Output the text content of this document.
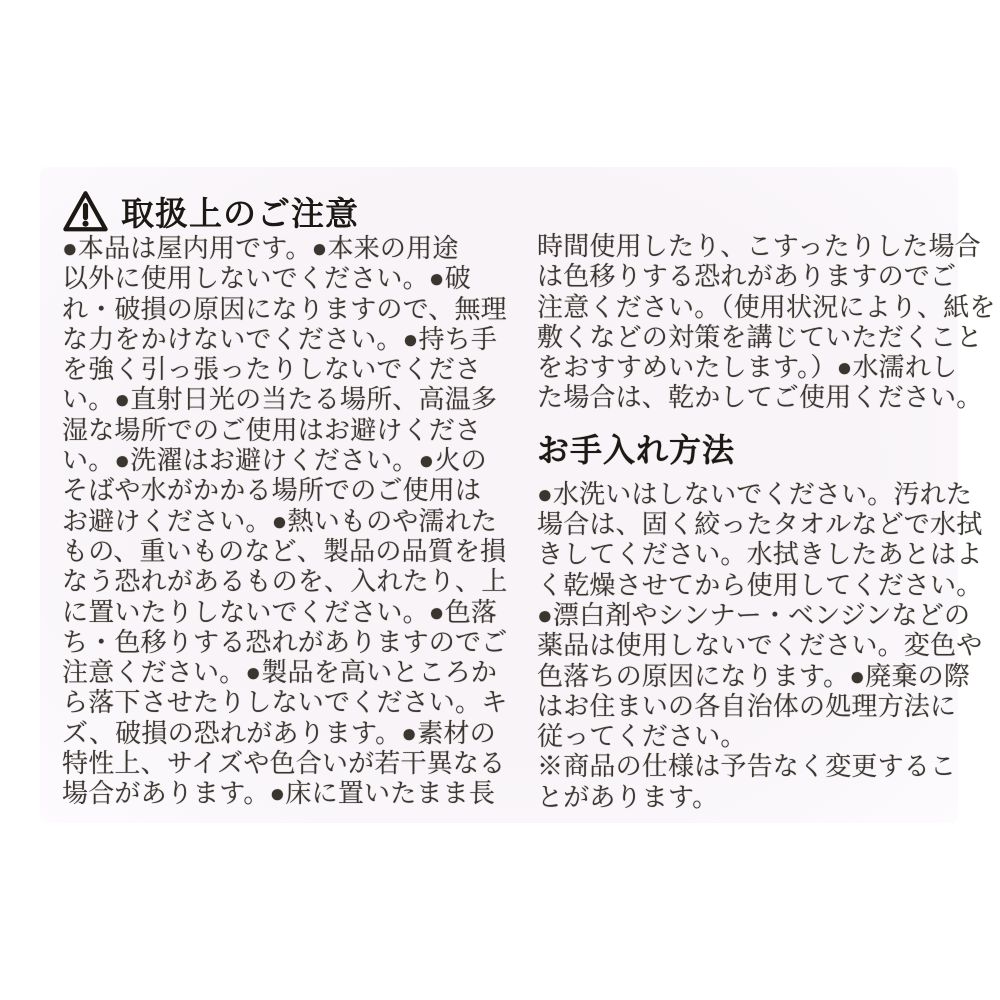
取扱上のご注意
●本品は屋内用です。●本来の用途
以外に使用しないでください。●破
れ・破損の原因になりますので、無理
な力をかけないでください。●持ち手
を強く引っ張ったりしないでくださ
い。●直射日光の当たる場所、高温多
湿な場所でのご使用はお避けくださ
い。●洗濯はお避けください。●火の
そばや水がかかる場所でのご使用は
お避けください。●熱いものや濡れた
もの、重いものなど、製品の品質を損
なう恐れがあるものを、入れたり、上
に置いたりしないでください。●色落
ち・色移りする恐れがありますのでご
注意ください。●製品を高いところか
ら落下させたりしないでください。キ
ズ、破損の恐れがあります。●素材の
特性上、サイズや色合いが若干異なる
場合があります。●床に置いたまま長
時間使用したり、こすったりした場合
は色移りする恐れがありますのでご
注意ください。（使用状況により、紙を
敷くなどの対策を講じていただくこと
をおすすめいたします。）●水濡れし
た場合は、乾かしてご使用ください。
お手入れ方法
●水洗いはしないでください。汚れた
場合は、固く絞ったタオルなどで水拭
きしてください。水拭きしたあとはよ
く乾燥させてから使用してください。
●漂白剤やシンナー・ベンジンなどの
薬品は使用しないでください。変色や
色落ちの原因になります。●廃棄の際
はお住まいの各自治体の処理方法に
従ってください。
※商品の仕様は予告なく変更するこ
とがあります。
